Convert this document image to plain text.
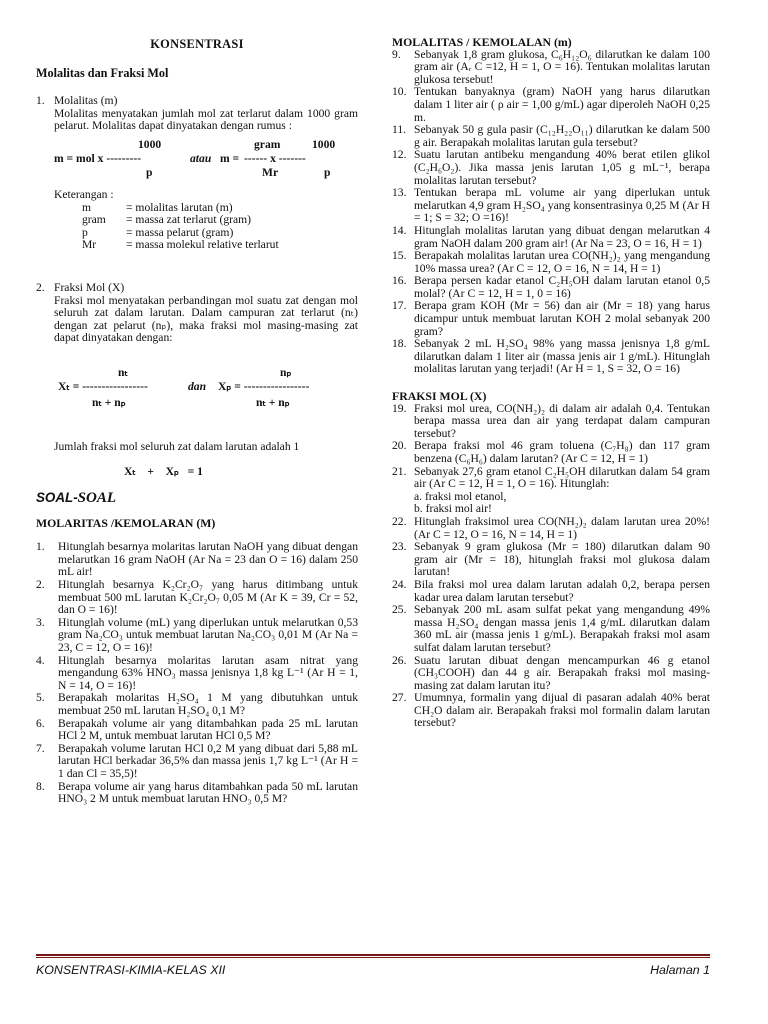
KONSENTRASI

Molalitas dan Fraksi Mol

1. Molalitas (m)

Molalitas menyatakan jumlah mol zat terlarut dalam 1000 gram pelarut. Molalitas dapat dinyatakan dengan rumus :

1000	gram	1000
m = mol x ---------	atau m = ------ x -------
p	Mr	p

Keterangan :

m	= molalitas larutan (m)
gram	= massa zat terlarut (gram)
p	= massa pelarut (gram)
Mr	= massa molekul relative terlarut
2. Fraksi Mol (X)

Fraksi mol menyatakan perbandingan mol suatu zat dengan mol seluruh zat dalam larutan. Dalam campuran zat terlarut (nₜ) dengan zat pelarut (nₚ), maka fraksi mol masing-masing zat dapat dinyatakan dengan:

nₜ	nₚ
Xₜ = -----------------	dan Xₚ = -----------------
nₜ + nₚ	nₜ + nₚ

Jumlah fraksi mol seluruh zat dalam larutan adalah 1

Xₜ    +    Xₚ   = 1

SOAL-SOAL

MOLARITAS /KEMOLARAN (M)

1.	Hitunglah besarnya molaritas larutan NaOH yang dibuat dengan melarutkan 16 gram NaOH (Ar Na = 23 dan O = 16) dalam 250 mL air!
2.	Hitunglah besarnya K₂Cr₂O₇ yang harus ditimbang untuk membuat 500 mL larutan K₂Cr₂O₇ 0,05 M (Ar K = 39, Cr = 52, dan O = 16)!
3.	Hitunglah volume (mL) yang diperlukan untuk melarutkan 0,53 gram Na₂CO₃ untuk membuat larutan Na₂CO₃ 0,01 M (Ar Na = 23, C = 12, O = 16)!
4.	Hitunglah besarnya molaritas larutan asam nitrat yang mengandung 63% HNO₃ massa jenisnya 1,8 kg L⁻¹ (Ar H = 1, N = 14, O = 16)!
5.	Berapakah molaritas H₂SO₄ 1 M yang dibutuhkan untuk membuat 250 mL larutan H₂SO₄ 0,1 M?
6.	Berapakah volume air yang ditambahkan pada 25 mL larutan HCl 2 M, untuk membuat larutan HCl 0,5 M?
7.	Berapakah volume larutan HCl 0,2 M yang dibuat dari 5,88 mL larutan HCl berkadar 36,5% dan massa jenis 1,7 kg L⁻¹ (Ar H = 1 dan Cl = 35,5)!
8.	Berapa volume air yang harus ditambahkan pada 50 mL larutan HNO₃ 2 M untuk membuat larutan HNO₃ 0,5 M?

MOLALITAS / KEMOLALAN (m)

9.	Sebanyak 1,8 gram glukosa, C₆H₁₂O₆ dilarutkan ke dalam 100 gram air (Aᵣ C =12, H = 1, O = 16). Tentukan molalitas larutan glukosa tersebut!
10. Tentukan banyaknya (gram) NaOH yang harus dilarutkan dalam 1 liter air ( ρ air = 1,00 g/mL) agar diperoleh NaOH 0,25 m.
11. Sebanyak 50 g gula pasir (C₁₂H₂₂O₁₁) dilarutkan ke dalam 500 g air. Berapakah molalitas larutan gula tersebut?
12. Suatu larutan antibeku mengandung 40% berat etilen glikol (C₂H₆O₂). Jika massa jenis larutan 1,05 g mL⁻¹, berapa molalitas larutan tersebut?
13. Tentukan berapa mL volume air yang diperlukan untuk melarutkan 4,9 gram H₂SO₄ yang konsentrasinya 0,25 M (Ar H = 1; S = 32; O =16)!
14. Hitunglah molalitas larutan yang dibuat dengan melarutkan 4 gram NaOH dalam 200 gram air! (Ar Na = 23, O = 16, H = 1)
15. Berapakah molalitas larutan urea CO(NH₂)₂ yang mengandung 10% massa urea? (Ar C = 12, O = 16, N = 14, H = 1)
16. Berapa persen kadar etanol C₂H₅OH dalam larutan etanol 0,5 molal? (Ar C = 12, H = 1, 0 = 16)
17. Berapa gram KOH (Mr = 56) dan air (Mr = 18) yang harus dicampur untuk membuat larutan KOH 2 molal sebanyak 200 gram?
18. Sebanyak 2 mL H₂SO₄ 98% yang massa jenisnya 1,8 g/mL dilarutkan dalam 1 liter air (massa jenis air 1 g/mL). Hitunglah molalitas larutan yang terjadi! (Ar H = 1, S = 32, O = 16)

FRAKSI MOL (X)

19. Fraksi mol urea, CO(NH₂)₂ di dalam air adalah 0,4. Tentukan berapa massa urea dan air yang terdapat dalam campuran tersebut?
20. Berapa fraksi mol 46 gram toluena (C₇H₈) dan 117 gram benzena (C₆H₆) dalam larutan? (Ar C = 12, H = 1)
21. Sebanyak 27,6 gram etanol C₂H₅OH dilarutkan dalam 54 gram air (Ar C = 12, H = 1, O = 16). Hitunglah:
a. fraksi mol etanol,
b. fraksi mol air!
22. Hitunglah fraksimol urea CO(NH₂)₂ dalam larutan urea 20%! (Ar C = 12, O = 16, N = 14, H = 1)
23. Sebanyak 9 gram glukosa (Mr = 180) dilarutkan dalam 90 gram air (Mr = 18), hitunglah fraksi mol glukosa dalam larutan!
24. Bila fraksi mol urea dalam larutan adalah 0,2, berapa persen kadar urea dalam larutan tersebut?
25. Sebanyak 200 mL asam sulfat pekat yang mengandung 49% massa H₂SO₄ dengan massa jenis 1,4 g/mL dilarutkan dalam 360 mL air (massa jenis 1 g/mL). Berapakah fraksi mol asam sulfat dalam larutan tersebut?
26. Suatu larutan dibuat dengan mencampurkan 46 g etanol (CH₃COOH) dan 44 g air. Berapakah fraksi mol masing-masing zat dalam larutan itu?
27. Umumnya, formalin yang dijual di pasaran adalah 40% berat CH₂O dalam air. Berapakah fraksi mol formalin dalam larutan tersebut?
KONSENTRASI-KIMIA-KELAS XII	Halaman 1
